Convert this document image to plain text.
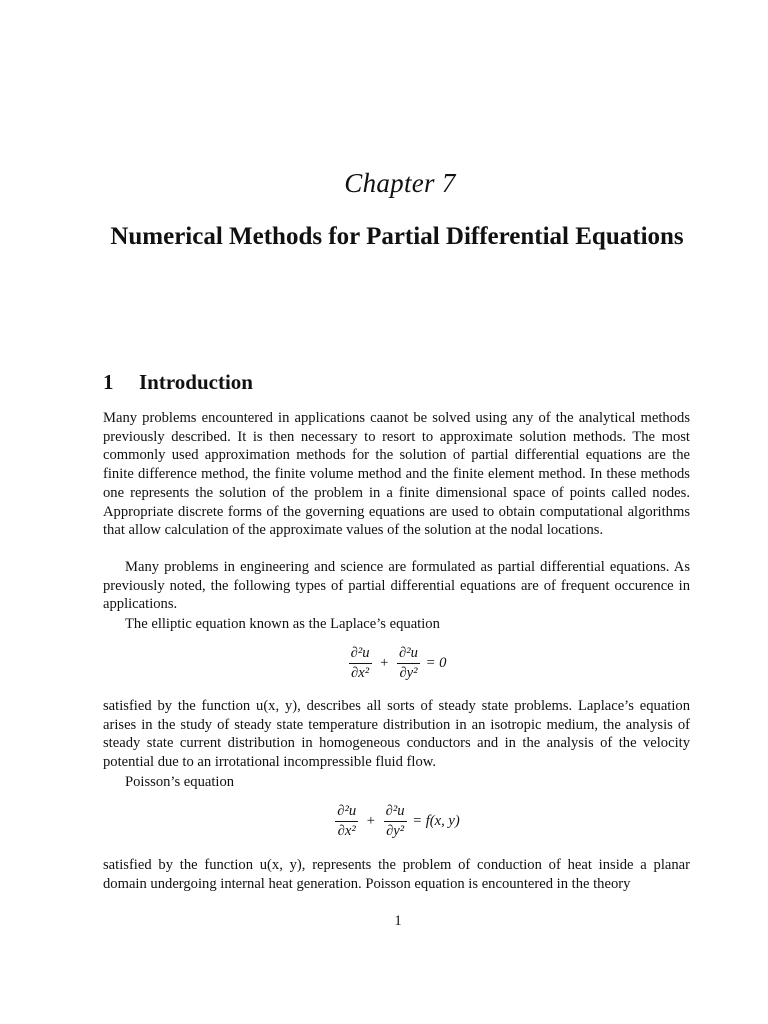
Chapter 7
Numerical Methods for Partial Differential Equations
1 Introduction
Many problems encountered in applications caanot be solved using any of the analytical methods previously described. It is then necessary to resort to approximate solution methods. The most commonly used approximation methods for the solution of partial differential equations are the finite difference method, the finite volume method and the finite element method. In these methods one represents the solution of the problem in a finite dimensional space of points called nodes. Appropriate discrete forms of the governing equations are used to obtain computational algorithms that allow calculation of the approximate values of the solution at the nodal locations.
Many problems in engineering and science are formulated as partial differential equations. As previously noted, the following types of partial differential equations are of frequent occurence in applications.
The elliptic equation known as the Laplace’s equation
$\frac{\text{∂²u}}{\text{∂x²}} + \frac{\text{∂²u}}{\text{∂y²}} = 0$
satisfied by the function u(x, y), describes all sorts of steady state problems. Laplace’s equation arises in the study of steady state temperature distribution in an isotropic medium, the analysis of steady state current distribution in homogeneous conductors and in the analysis of the velocity potential due to an irrotational incompressible fluid flow.
Poisson’s equation
$\frac{\text{∂²u}}{\text{∂x²}} + \frac{\text{∂²u}}{\text{∂y²}} = f(x$, y)
satisfied by the function u(x, y), represents the problem of conduction of heat inside a planar domain undergoing internal heat generation. Poisson equation is encountered in the theory
1
